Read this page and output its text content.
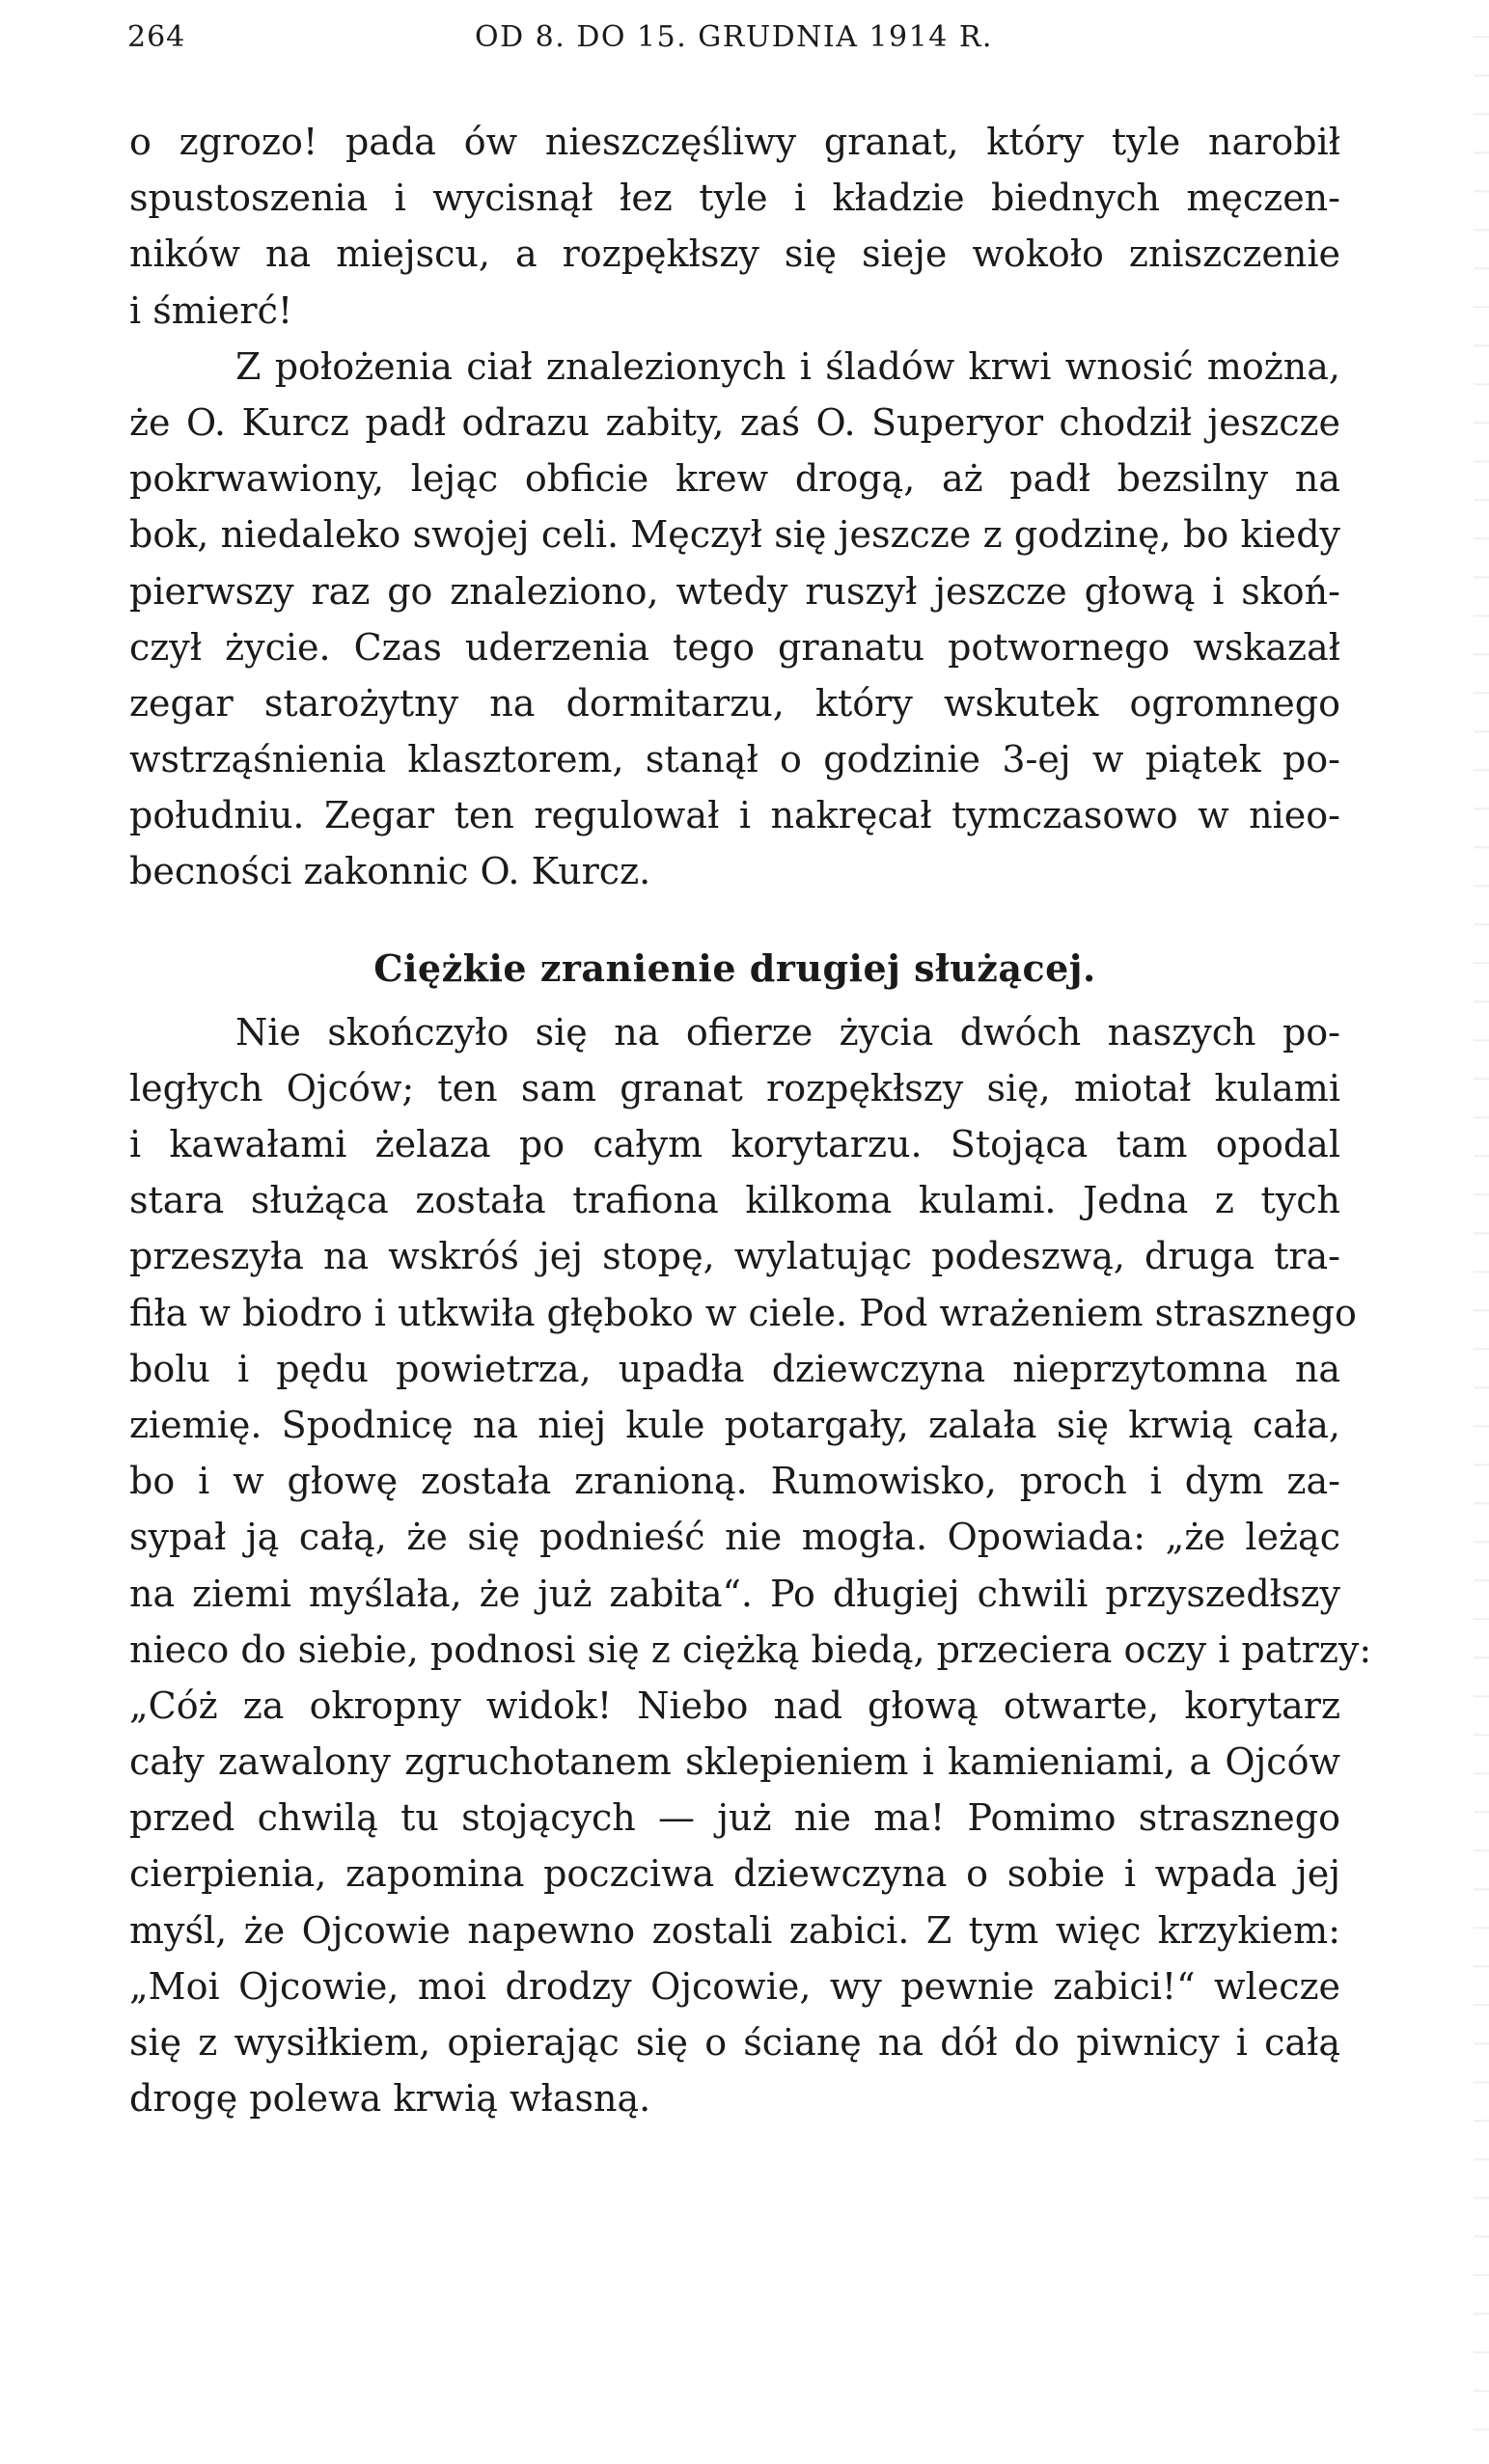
264	OD 8. DO 15. GRUDNIA 1914 R.
o zgrozo! pada ów nieszczęśliwy granat, który tyle narobił
spustoszenia i wycisnął łez tyle i kładzie biednych męczen-
ników na miejscu, a rozpękłszy się sieje wokoło zniszczenie
i śmierć!
Z położenia ciał znalezionych i śladów krwi wnosić można,
że O. Kurcz padł odrazu zabity, zaś O. Superyor chodził jeszcze
pokrwawiony, lejąc obficie krew drogą, aż padł bezsilny na
bok, niedaleko swojej celi. Męczył się jeszcze z godzinę, bo kiedy
pierwszy raz go znaleziono, wtedy ruszył jeszcze głową i skoń-
czył życie. Czas uderzenia tego granatu potwornego wskazał
zegar starożytny na dormitarzu, który wskutek ogromnego
wstrząśnienia klasztorem, stanął o godzinie 3-ej w piątek po-
południu. Zegar ten regulował i nakręcał tymczasowo w nieo-
becności zakonnic O. Kurcz.
Ciężkie zranienie drugiej służącej.
Nie skończyło się na ofierze życia dwóch naszych po-
ległych Ojców; ten sam granat rozpękłszy się, miotał kulami
i kawałami żelaza po całym korytarzu. Stojąca tam opodal
stara służąca została trafiona kilkoma kulami. Jedna z tych
przeszyła na wskróś jej stopę, wylatując podeszwą, druga tra-
fiła w biodro i utkwiła głęboko w ciele. Pod wrażeniem strasznego
bolu i pędu powietrza, upadła dziewczyna nieprzytomna na
ziemię. Spodnicę na niej kule potargały, zalała się krwią cała,
bo i w głowę została zranioną. Rumowisko, proch i dym za-
sypał ją całą, że się podnieść nie mogła. Opowiada: „że leżąc
na ziemi myślała, że już zabita“. Po długiej chwili przyszedłszy
nieco do siebie, podnosi się z ciężką biedą, przeciera oczy i patrzy:
„Cóż za okropny widok! Niebo nad głową otwarte, korytarz
cały zawalony zgruchotanem sklepieniem i kamieniami, a Ojców
przed chwilą tu stojących — już nie ma! Pomimo strasznego
cierpienia, zapomina poczciwa dziewczyna o sobie i wpada jej
myśl, że Ojcowie napewno zostali zabici. Z tym więc krzykiem:
„Moi Ojcowie, moi drodzy Ojcowie, wy pewnie zabici!“ wlecze
się z wysiłkiem, opierając się o ścianę na dół do piwnicy i całą
drogę polewa krwią własną.
